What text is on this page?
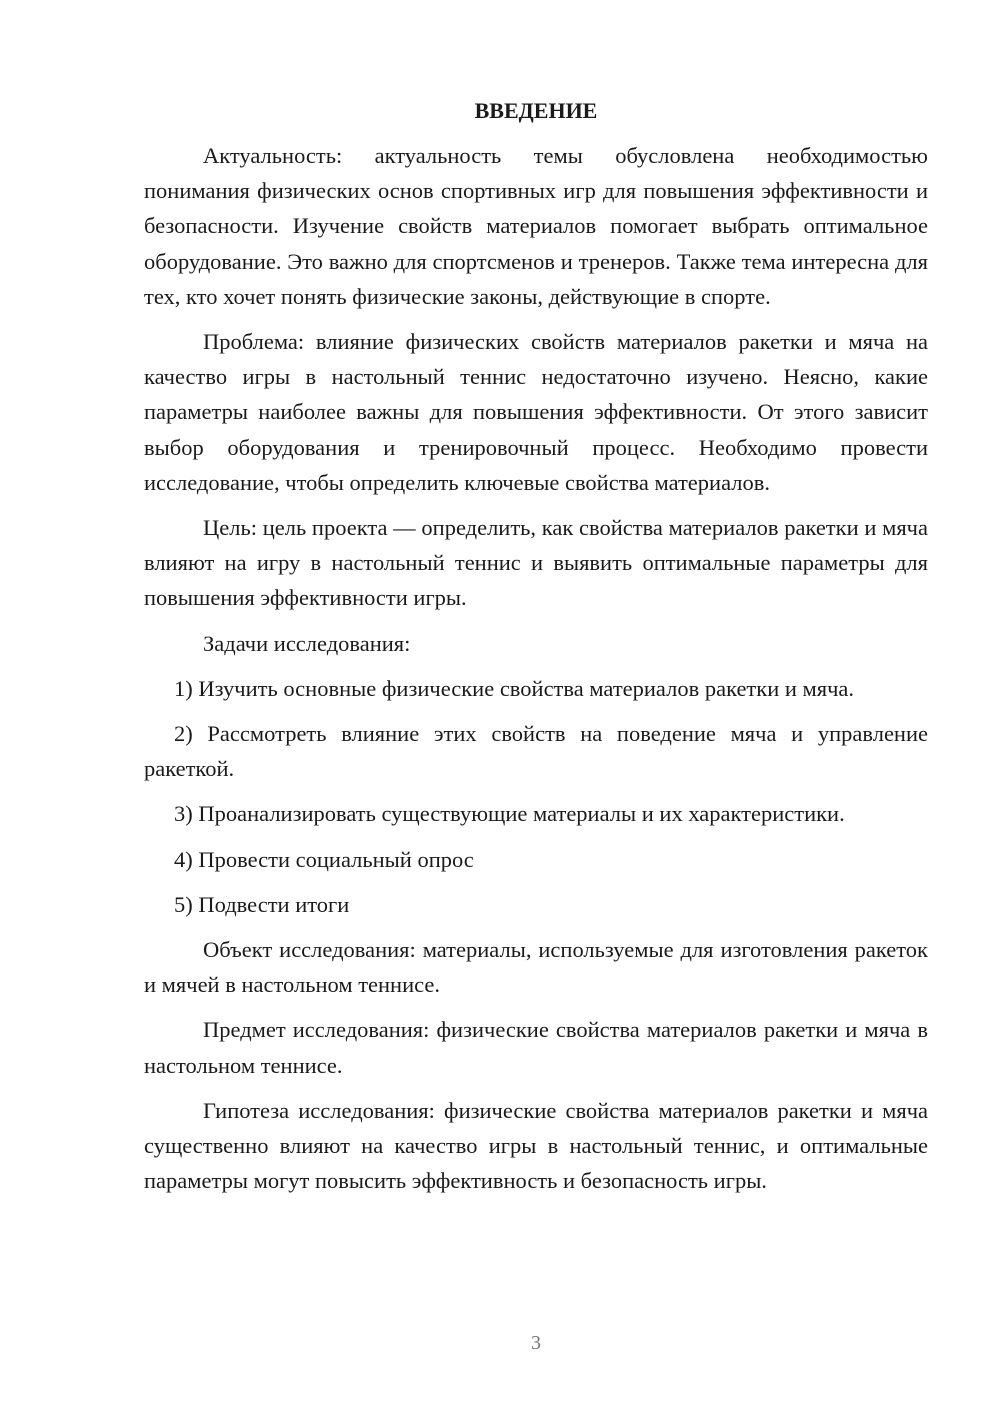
ВВЕДЕНИЕ

Актуальность: актуальность темы обусловлена необходимостью понимания физических основ спортивных игр для повышения эффективности и безопасности. Изучение свойств материалов помогает выбрать оптимальное оборудование. Это важно для спортсменов и тренеров. Также тема интересна для тех, кто хочет понять физические законы, действующие в спорте.

Проблема: влияние физических свойств материалов ракетки и мяча на качество игры в настольный теннис недостаточно изучено. Неясно, какие параметры наиболее важны для повышения эффективности. От этого зависит выбор оборудования и тренировочный процесс. Необходимо провести исследование, чтобы определить ключевые свойства материалов.

Цель: цель проекта — определить, как свойства материалов ракетки и мяча влияют на игру в настольный теннис и выявить оптимальные параметры для повышения эффективности игры.

Задачи исследования:

1) Изучить основные физические свойства материалов ракетки и мяча.

2) Рассмотреть влияние этих свойств на поведение мяча и управление ракеткой.

3) Проанализировать существующие материалы и их характеристики.

4) Провести социальный опрос

5) Подвести итоги

Объект исследования: материалы, используемые для изготовления ракеток и мячей в настольном теннисе.

Предмет исследования: физические свойства материалов ракетки и мяча в настольном теннисе.

Гипотеза исследования: физические свойства материалов ракетки и мяча существенно влияют на качество игры в настольный теннис, и оптимальные параметры могут повысить эффективность и безопасность игры.

3
